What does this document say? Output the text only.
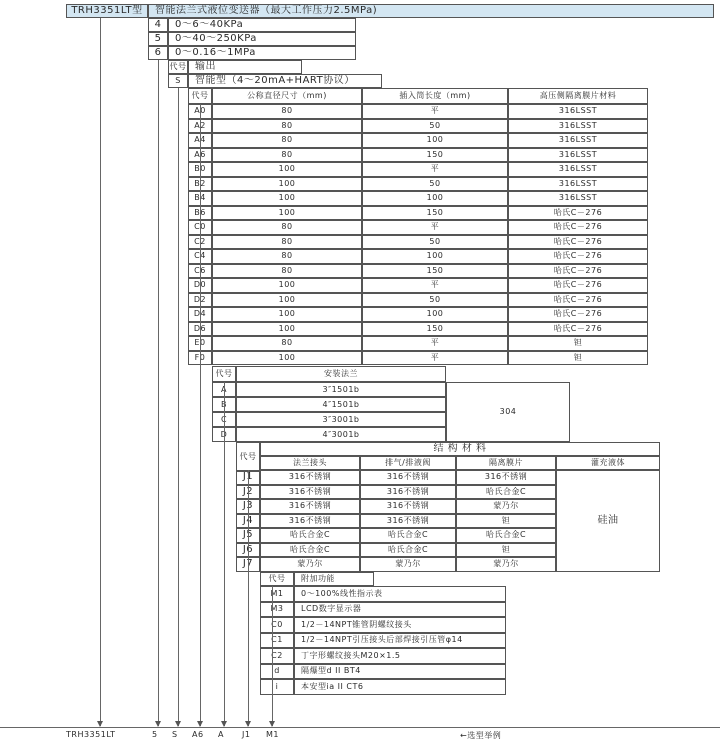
TRH3351LT型	智能法兰式液位变送器（最大工作压力2.5MPa)
4	0～6～40KPa
5	0～40～250KPa
6	0～0.16～1MPa
代号 输出
S	智能型（4～20mA+HART协议）
代号	公称直径尺寸（mm)	插入筒长度（mm)	高压侧隔离膜片材料
A0	80	平	316LSST
A2	80	50	316LSST
A4	80	100	316LSST
A6	80	150	316LSST
B0	100	平	316LSST
B2	100	50	316LSST
B4	100	100	316LSST
B6	100	150	哈氏C－276
C0	80	平	哈氏C－276
C2	80	50	哈氏C－276
C4	80	100	哈氏C－276
C6	80	150	哈氏C－276
D0	100	平	哈氏C－276
D2	100	50	哈氏C－276
D4	100	100	哈氏C－276
D6	100	150	哈氏C－276
E0	80	平	钽
F0	100	平	钽
代号	安装法兰
A	3″1501b
B	4″1501b
C	3″3001b
D	4″3001b
304
代号
结 构 材 料
法兰接头	排气/排液阀	隔离膜片	灌充液体
J1	316不锈钢	316不锈钢	316不锈钢
J2	316不锈钢	316不锈钢	哈氏合金C
J3	316不锈钢	316不锈钢	蒙乃尔
J4	316不锈钢	316不锈钢	钽
J5	哈氏合金C	哈氏合金C	哈氏合金C
J6	哈氏合金C	哈氏合金C	钽
J7	蒙乃尔	蒙乃尔	蒙乃尔
硅油
代号	附加功能
M1	0～100%线性指示表
M3	LCD数字显示器
C0	1/2－14NPT锥管阴螺纹接头
C1	1/2－14NPT引压接头后部焊接引压管φ14
C2	丁字形螺纹接头M20×1.5
d	隔爆型d II BT4
i	本安型ia II CT6
TRH3351LT	5 S A6 A J1 M1	←选型举例
